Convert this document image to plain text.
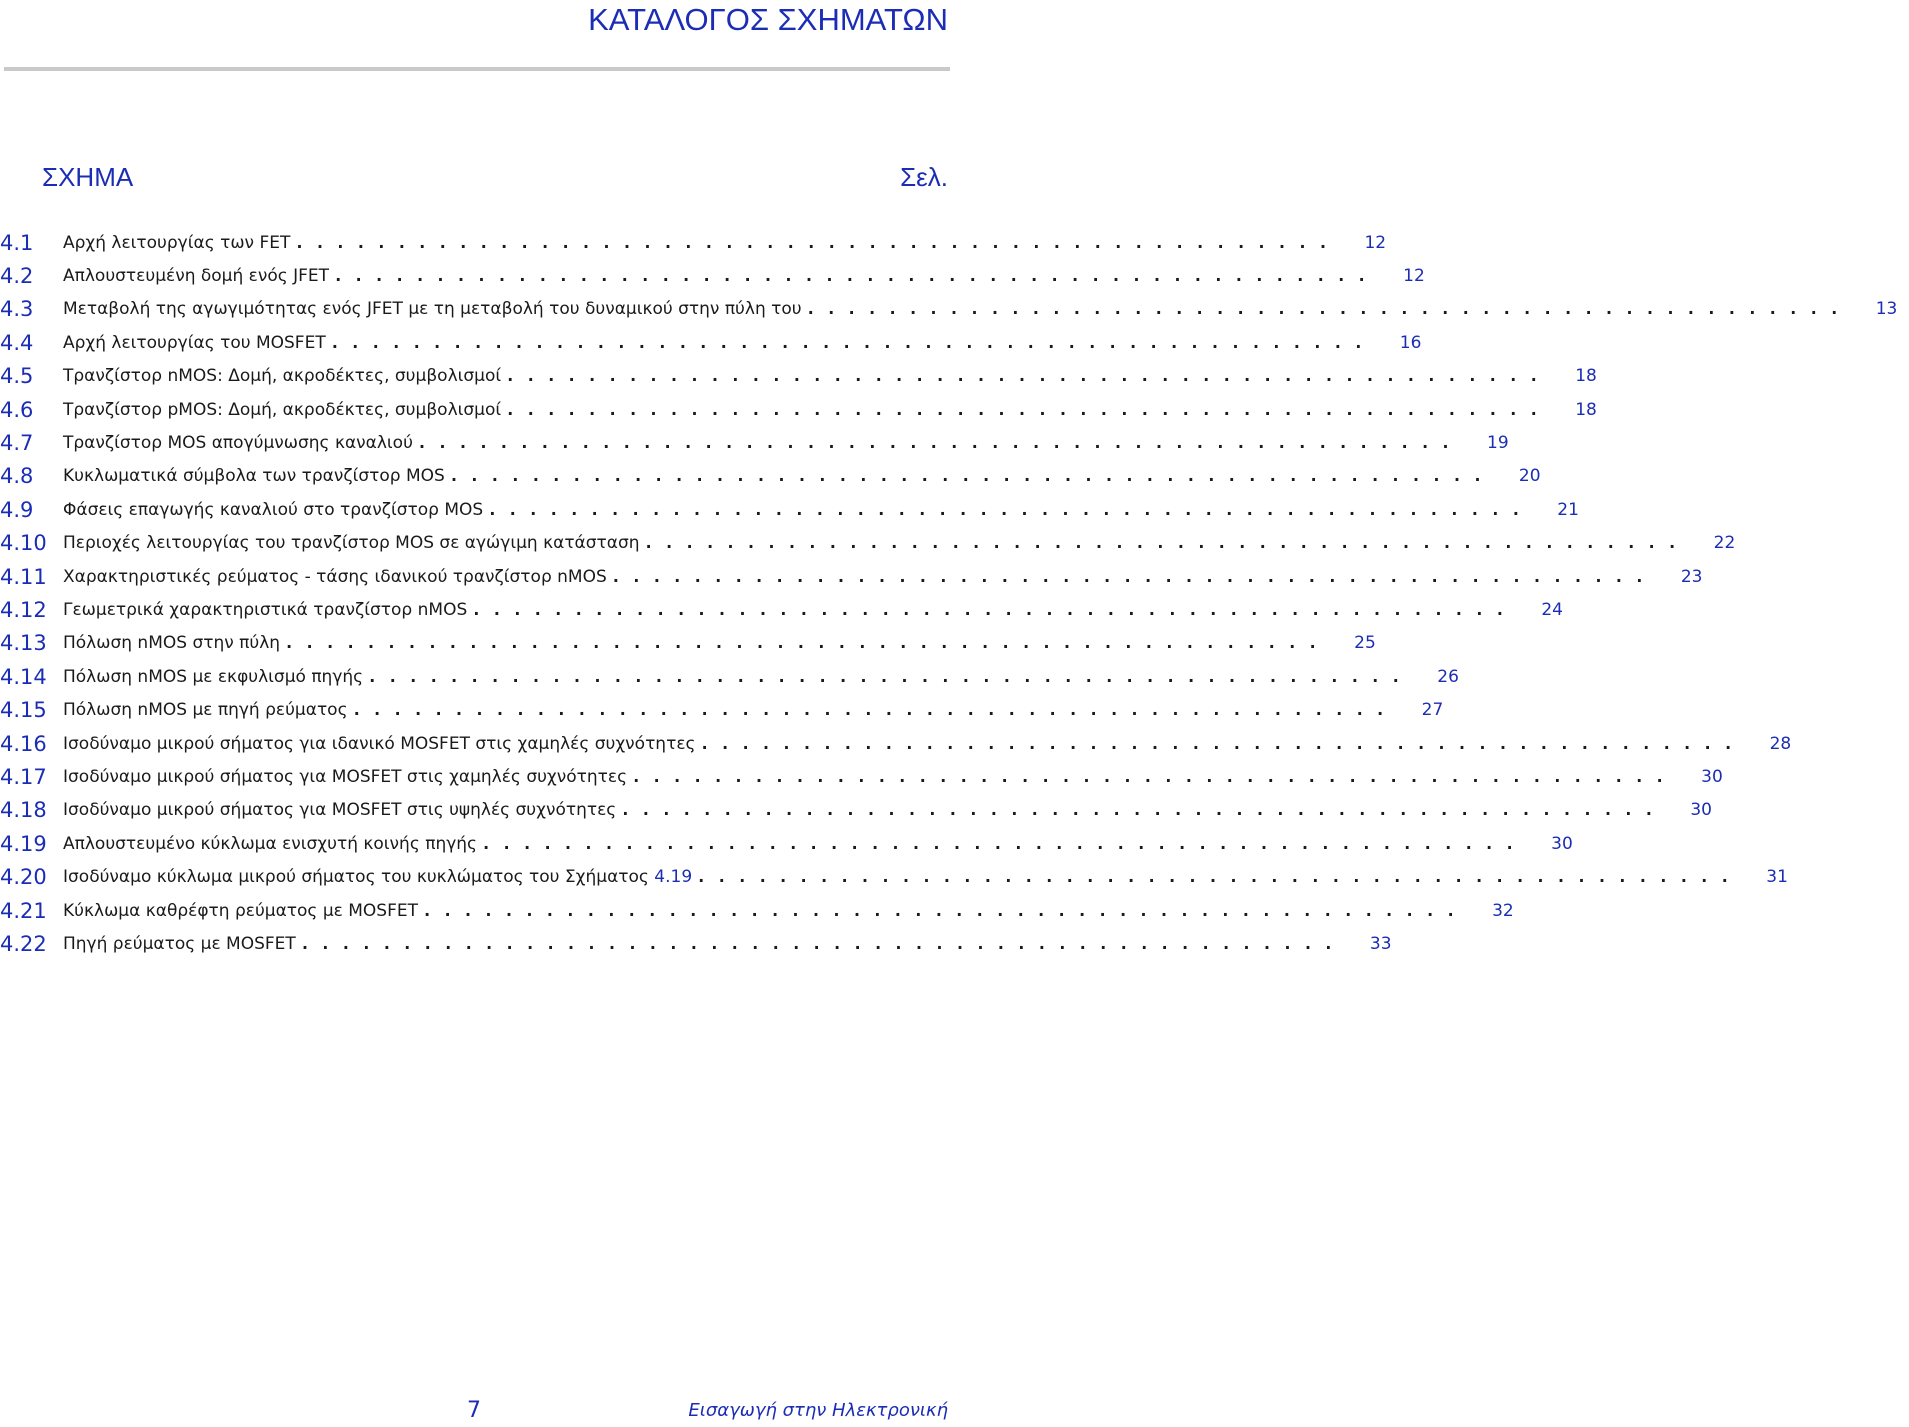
ΚΑΤΑΛΟΓΟΣ ΣΧΗΜΑΤΩΝ
ΣΧΗΜΑ	Σελ.
4.1	Αρχή λειτουργίας των FET . . . . . . . . . . . . . . . . . . . . . . . . . . . . . . . . . . . . . . . . . . . . . . . . . . .	12
4.2	Απλουστευμένη δομή ενός JFET . . . . . . . . . . . . . . . . . . . . . . . . . . . . . . . . . . . . . . . . . . . . . . . . . . .	12
4.3	Μεταβολή της αγωγιμότητας ενός JFET με τη μεταβολή του δυναμικού στην πύλη του . . . . . . . . . . . . . . . . . . . . . . . . . . . . . . . . . . . . . . . . . . . . . . . . . . .	13
4.4	Αρχή λειτουργίας του MOSFET . . . . . . . . . . . . . . . . . . . . . . . . . . . . . . . . . . . . . . . . . . . . . . . . . . .	16
4.5	Τρανζίστορ nMOS: Δομή, ακροδέκτες, συμβολισμοί . . . . . . . . . . . . . . . . . . . . . . . . . . . . . . . . . . . . . . . . . . . . . . . . . . .	18
4.6	Τρανζίστορ pMOS: Δομή, ακροδέκτες, συμβολισμοί . . . . . . . . . . . . . . . . . . . . . . . . . . . . . . . . . . . . . . . . . . . . . . . . . . .	18
4.7	Τρανζίστορ MOS απογύμνωσης καναλιού . . . . . . . . . . . . . . . . . . . . . . . . . . . . . . . . . . . . . . . . . . . . . . . . . . .	19
4.8	Κυκλωματικά σύμβολα των τρανζίστορ MOS . . . . . . . . . . . . . . . . . . . . . . . . . . . . . . . . . . . . . . . . . . . . . . . . . . .	20
4.9	Φάσεις επαγωγής καναλιού στο τρανζίστορ MOS . . . . . . . . . . . . . . . . . . . . . . . . . . . . . . . . . . . . . . . . . . . . . . . . . . .	21
4.10 Περιοχές λειτουργίας του τρανζίστορ MOS σε αγώγιμη κατάσταση . . . . . . . . . . . . . . . . . . . . . . . . . . . . . . . . . . . . . . . . . . . . . . . . . . .	22
4.11 Χαρακτηριστικές ρεύματος - τάσης ιδανικού τρανζίστορ nMOS . . . . . . . . . . . . . . . . . . . . . . . . . . . . . . . . . . . . . . . . . . . . . . . . . . .	23
4.12 Γεωμετρικά χαρακτηριστικά τρανζίστορ nMOS . . . . . . . . . . . . . . . . . . . . . . . . . . . . . . . . . . . . . . . . . . . . . . . . . . .	24
4.13 Πόλωση nMOS στην πύλη . . . . . . . . . . . . . . . . . . . . . . . . . . . . . . . . . . . . . . . . . . . . . . . . . . .	25
4.14 Πόλωση nMOS με εκφυλισμό πηγής . . . . . . . . . . . . . . . . . . . . . . . . . . . . . . . . . . . . . . . . . . . . . . . . . . .	26
4.15 Πόλωση nMOS με πηγή ρεύματος . . . . . . . . . . . . . . . . . . . . . . . . . . . . . . . . . . . . . . . . . . . . . . . . . . .	27
4.16 Ισοδύναμο μικρού σήματος για ιδανικό MOSFET στις χαμηλές συχνότητες . . . . . . . . . . . . . . . . . . . . . . . . . . . . . . . . . . . . . . . . . . . . . . . . . . .	28
4.17 Ισοδύναμο μικρού σήματος για MOSFET στις χαμηλές συχνότητες . . . . . . . . . . . . . . . . . . . . . . . . . . . . . . . . . . . . . . . . . . . . . . . . . . .	30
4.18 Ισοδύναμο μικρού σήματος για MOSFET στις υψηλές συχνότητες . . . . . . . . . . . . . . . . . . . . . . . . . . . . . . . . . . . . . . . . . . . . . . . . . . .	30
4.19 Απλουστευμένο κύκλωμα ενισχυτή κοινής πηγής . . . . . . . . . . . . . . . . . . . . . . . . . . . . . . . . . . . . . . . . . . . . . . . . . . .	30
4.20 Ισοδύναμο κύκλωμα μικρού σήματος του κυκλώματος του Σχήματος 4.19 . . . . . . . . . . . . . . . . . . . . . . . . . . . . . . . . . . . . . . . . . . . . . . . . . . .	31
4.21 Κύκλωμα καθρέφτη ρεύματος με MOSFET . . . . . . . . . . . . . . . . . . . . . . . . . . . . . . . . . . . . . . . . . . . . . . . . . . .	32
4.22 Πηγή ρεύματος με MOSFET . . . . . . . . . . . . . . . . . . . . . . . . . . . . . . . . . . . . . . . . . . . . . . . . . . .	33
7	Εισαγωγή στην Ηλεκτρονική
